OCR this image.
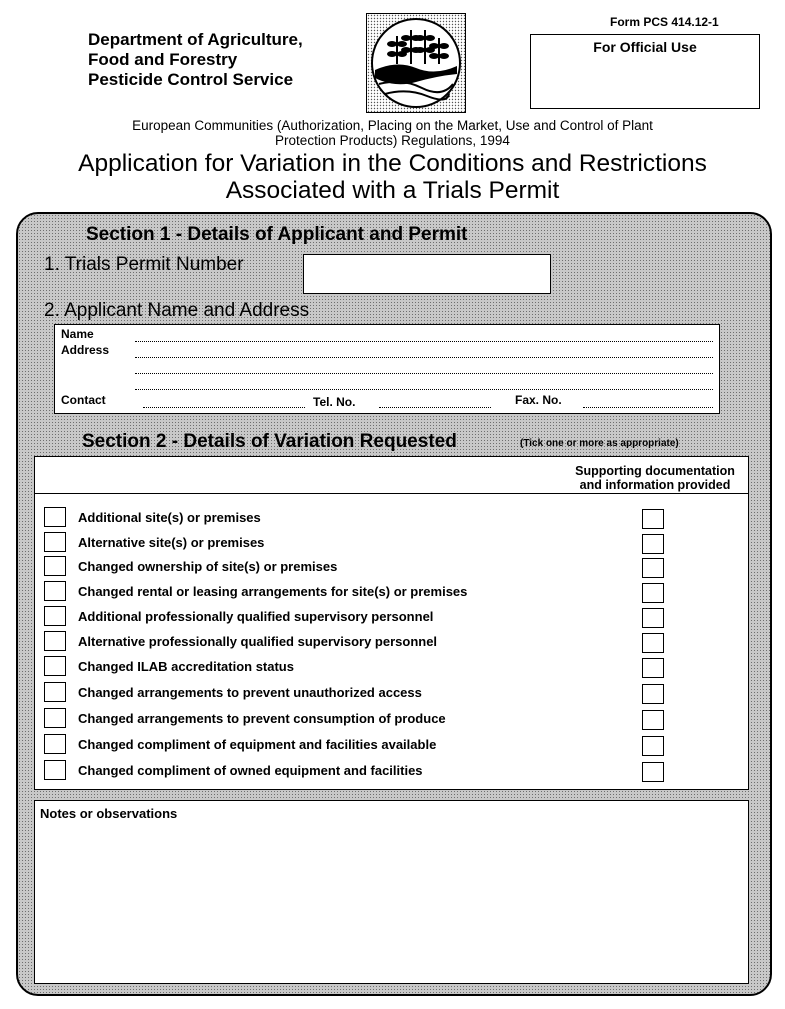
Department of Agriculture,
Food and Forestry
Pesticide Control Service
Form PCS 414.12-1
For Official Use
European Communities (Authorization, Placing on the Market, Use and Control of Plant
Protection Products) Regulations, 1994
Application for Variation in the Conditions and Restrictions
Associated with a Trials Permit
Section 1 - Details of Applicant and Permit
1. Trials Permit Number
2. Applicant Name and Address
Name
Address
Contact	Tel. No.	Fax. No.
Section 2 - Details of Variation Requested	(Tick one or more as appropriate)
Supporting documentation
and information provided
Additional site(s) or premises
Alternative site(s) or premises
Changed ownership of site(s) or premises
Changed rental or leasing arrangements for site(s) or premises
Additional professionally qualified supervisory personnel
Alternative professionally qualified supervisory personnel
Changed ILAB accreditation status
Changed arrangements to prevent unauthorized access
Changed arrangements to prevent consumption of produce
Changed compliment of equipment and facilities available
Changed compliment of owned equipment and facilities
Notes or observations
